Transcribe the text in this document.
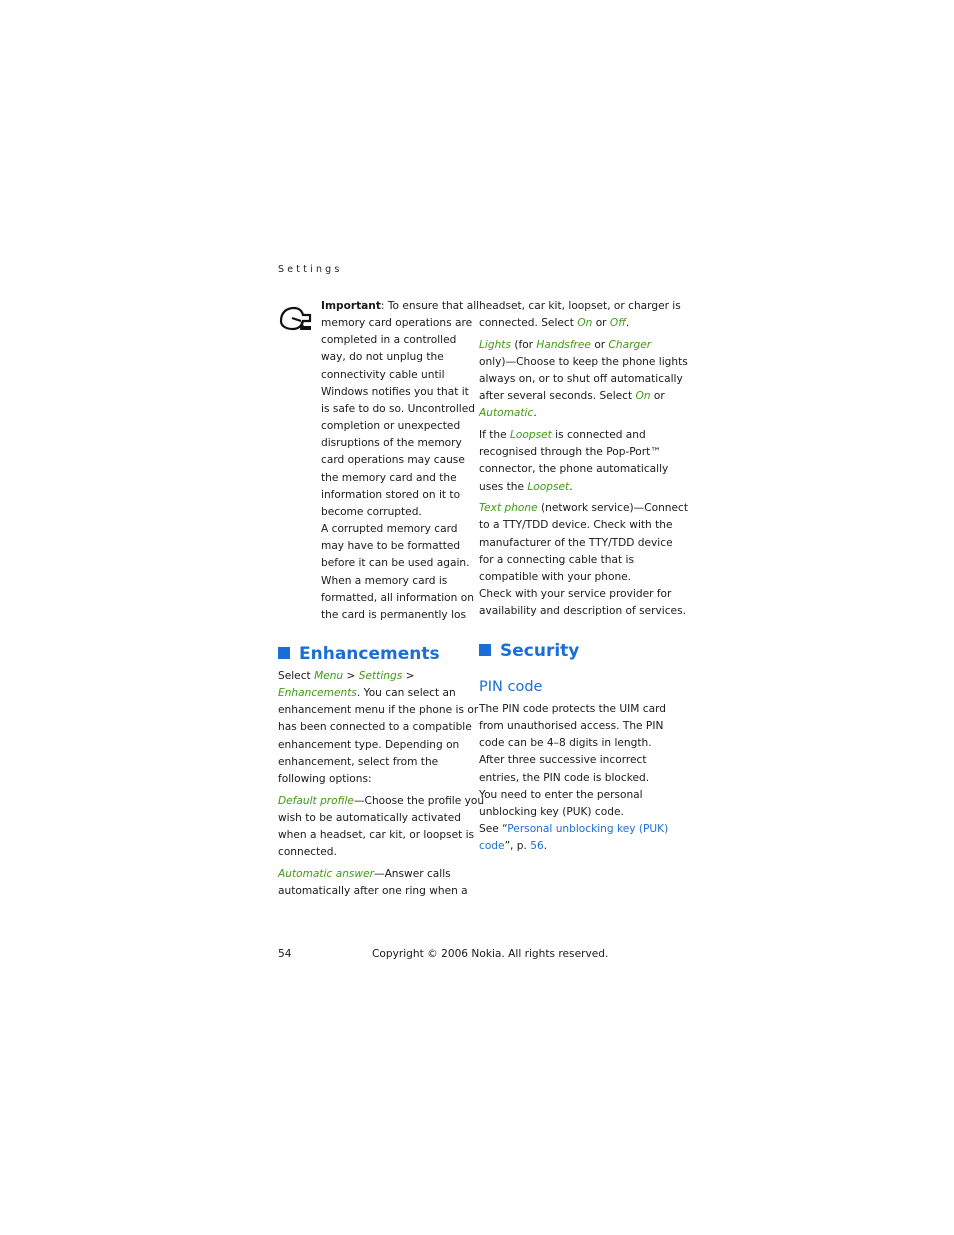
Settings

Important: To ensure that all

memory card operations are

completed in a controlled

way, do not unplug the

connectivity cable until

Windows notifies you that it

is safe to do so. Uncontrolled

completion or unexpected

disruptions of the memory

card operations may cause

the memory card and the

information stored on it to

become corrupted.

A corrupted memory card

may have to be formatted

before it can be used again.

When a memory card is

formatted, all information on

the card is permanently los

Enhancements

Select Menu > Settings >

Enhancements. You can select an

enhancement menu if the phone is or

has been connected to a compatible

enhancement type. Depending on

enhancement, select from the

following options:

Default profile—Choose the profile you

wish to be automatically activated

when a headset, car kit, or loopset is

connected.

Automatic answer—Answer calls

automatically after one ring when a

headset, car kit, loopset, or charger is

connected. Select On or Off.

Lights (for Handsfree or Charger

only)—Choose to keep the phone lights

always on, or to shut off automatically

after several seconds. Select On or

Automatic.

If the Loopset is connected and

recognised through the Pop-Port™

connector, the phone automatically

uses the Loopset.

Text phone (network service)—Connect

to a TTY/TDD device. Check with the

manufacturer of the TTY/TDD device

for a connecting cable that is

compatible with your phone.

Check with your service provider for

availability and description of services.

Security
PIN code

The PIN code protects the UIM card

from unauthorised access. The PIN

code can be 4–8 digits in length.

After three successive incorrect

entries, the PIN code is blocked.

You need to enter the personal

unblocking key (PUK) code.

See “Personal unblocking key (PUK)

code”, p. 56.

54	Copyright © 2006 Nokia. All rights reserved.
